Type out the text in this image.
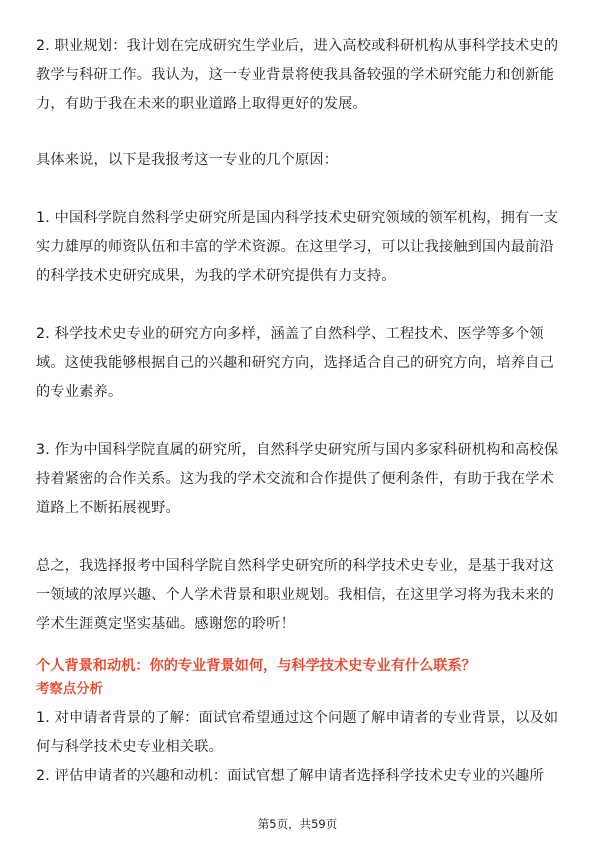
2. 职业规划：我计划在完成研究生学业后，进入高校或科研机构从事科学技术史的
教学与科研工作。我认为，这一专业背景将使我具备较强的学术研究能力和创新能
力，有助于我在未来的职业道路上取得更好的发展。

具体来说，以下是我报考这一专业的几个原因：

1. 中国科学院自然科学史研究所是国内科学技术史研究领域的领军机构，拥有一支
实力雄厚的师资队伍和丰富的学术资源。在这里学习，可以让我接触到国内最前沿
的科学技术史研究成果，为我的学术研究提供有力支持。

2. 科学技术史专业的研究方向多样，涵盖了自然科学、工程技术、医学等多个领
域。这使我能够根据自己的兴趣和研究方向，选择适合自己的研究方向，培养自己
的专业素养。

3. 作为中国科学院直属的研究所，自然科学史研究所与国内多家科研机构和高校保
持着紧密的合作关系。这为我的学术交流和合作提供了便利条件，有助于我在学术
道路上不断拓展视野。

总之，我选择报考中国科学院自然科学史研究所的科学技术史专业，是基于我对这
一领域的浓厚兴趣、个人学术背景和职业规划。我相信，在这里学习将为我未来的
学术生涯奠定坚实基础。感谢您的聆听！

个人背景和动机：你的专业背景如何，与科学技术史专业有什么联系？
考察点分析

1. 对申请者背景的了解：面试官希望通过这个问题了解申请者的专业背景，以及如
何与科学技术史专业相关联。

2. 评估申请者的兴趣和动机：面试官想了解申请者选择科学技术史专业的兴趣所

第5页，共59页
